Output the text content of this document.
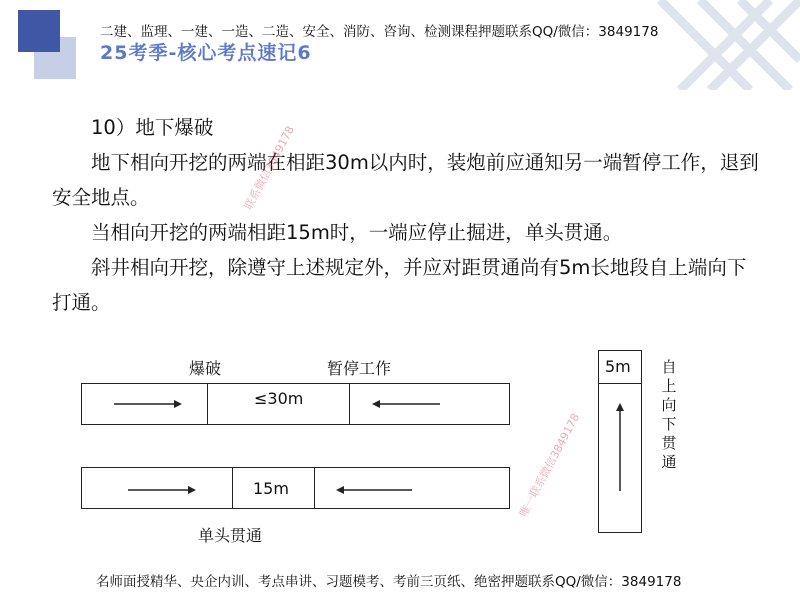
二建、监理、一建、一造、二造、安全、消防、咨询、检测课程押题联系QQ/微信：3849178
25考季-核心考点速记6

10）地下爆破

地下相向开挖的两端在相距30m以内时，装炮前应通知另一端暂停工作，退到安全地点。

当相向开挖的两端相距15m时，一端应停止掘进，单头贯通。

斜井相向开挖，除遵守上述规定外，并应对距贯通尚有5m长地段自上端向下打通。

爆破	暂停工作
≤30m
15m
单头贯通
5m 自
上
向
下
贯
通
联系微信3849178
唯一联系微信3849178
名师面授精华、央企内训、考点串讲、习题模考、考前三页纸、绝密押题联系QQ/微信：3849178
